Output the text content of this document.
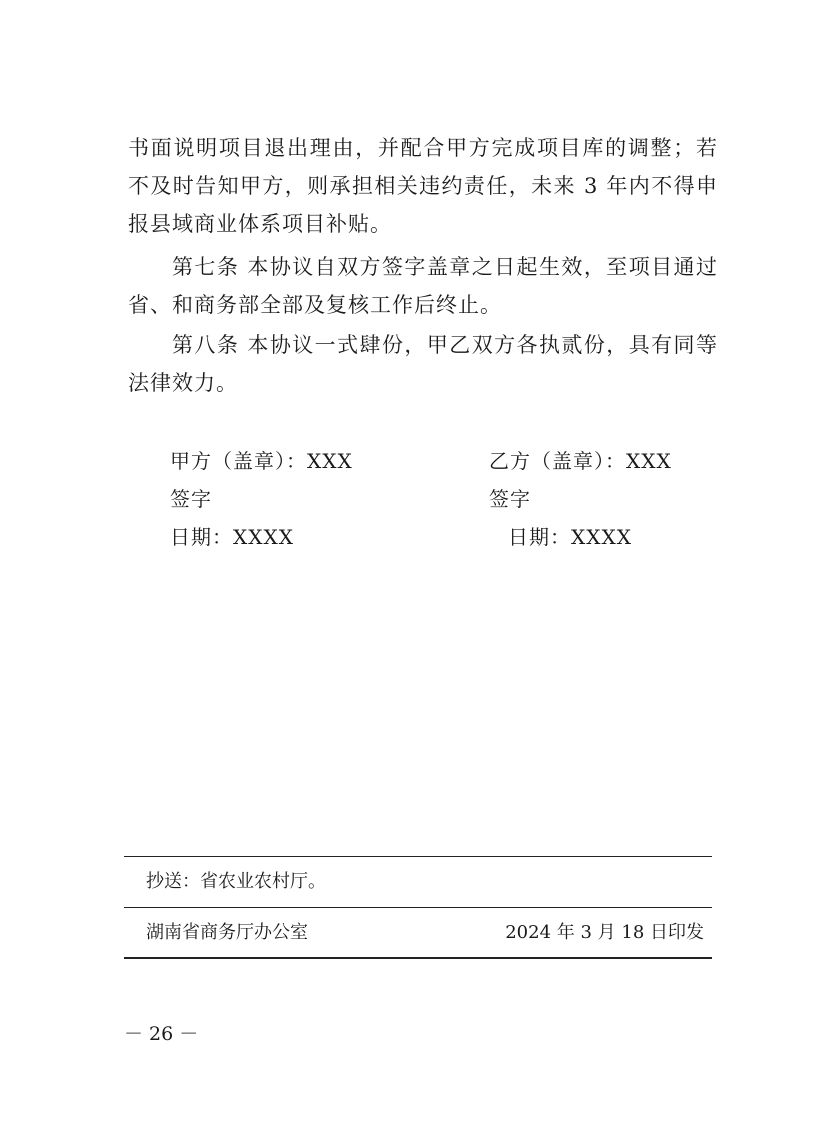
书面说明项目退出理由，并配合甲方完成项目库的调整；若不及时告知甲方，则承担相关违约责任，未来 3 年内不得申报县域商业体系项目补贴。

第七条 本协议自双方签字盖章之日起生效，至项目通过省、和商务部全部及复核工作后终止。

第八条 本协议一式肆份，甲乙双方各执贰份，具有同等法律效力。

甲方（盖章）：XXX
签字
日期：XXXX
乙方（盖章）：XXX
签字
日期：XXXX
抄送：省农业农村厅。
湖南省商务厅办公室	2024 年 3 月 18 日印发
－ 26 －
